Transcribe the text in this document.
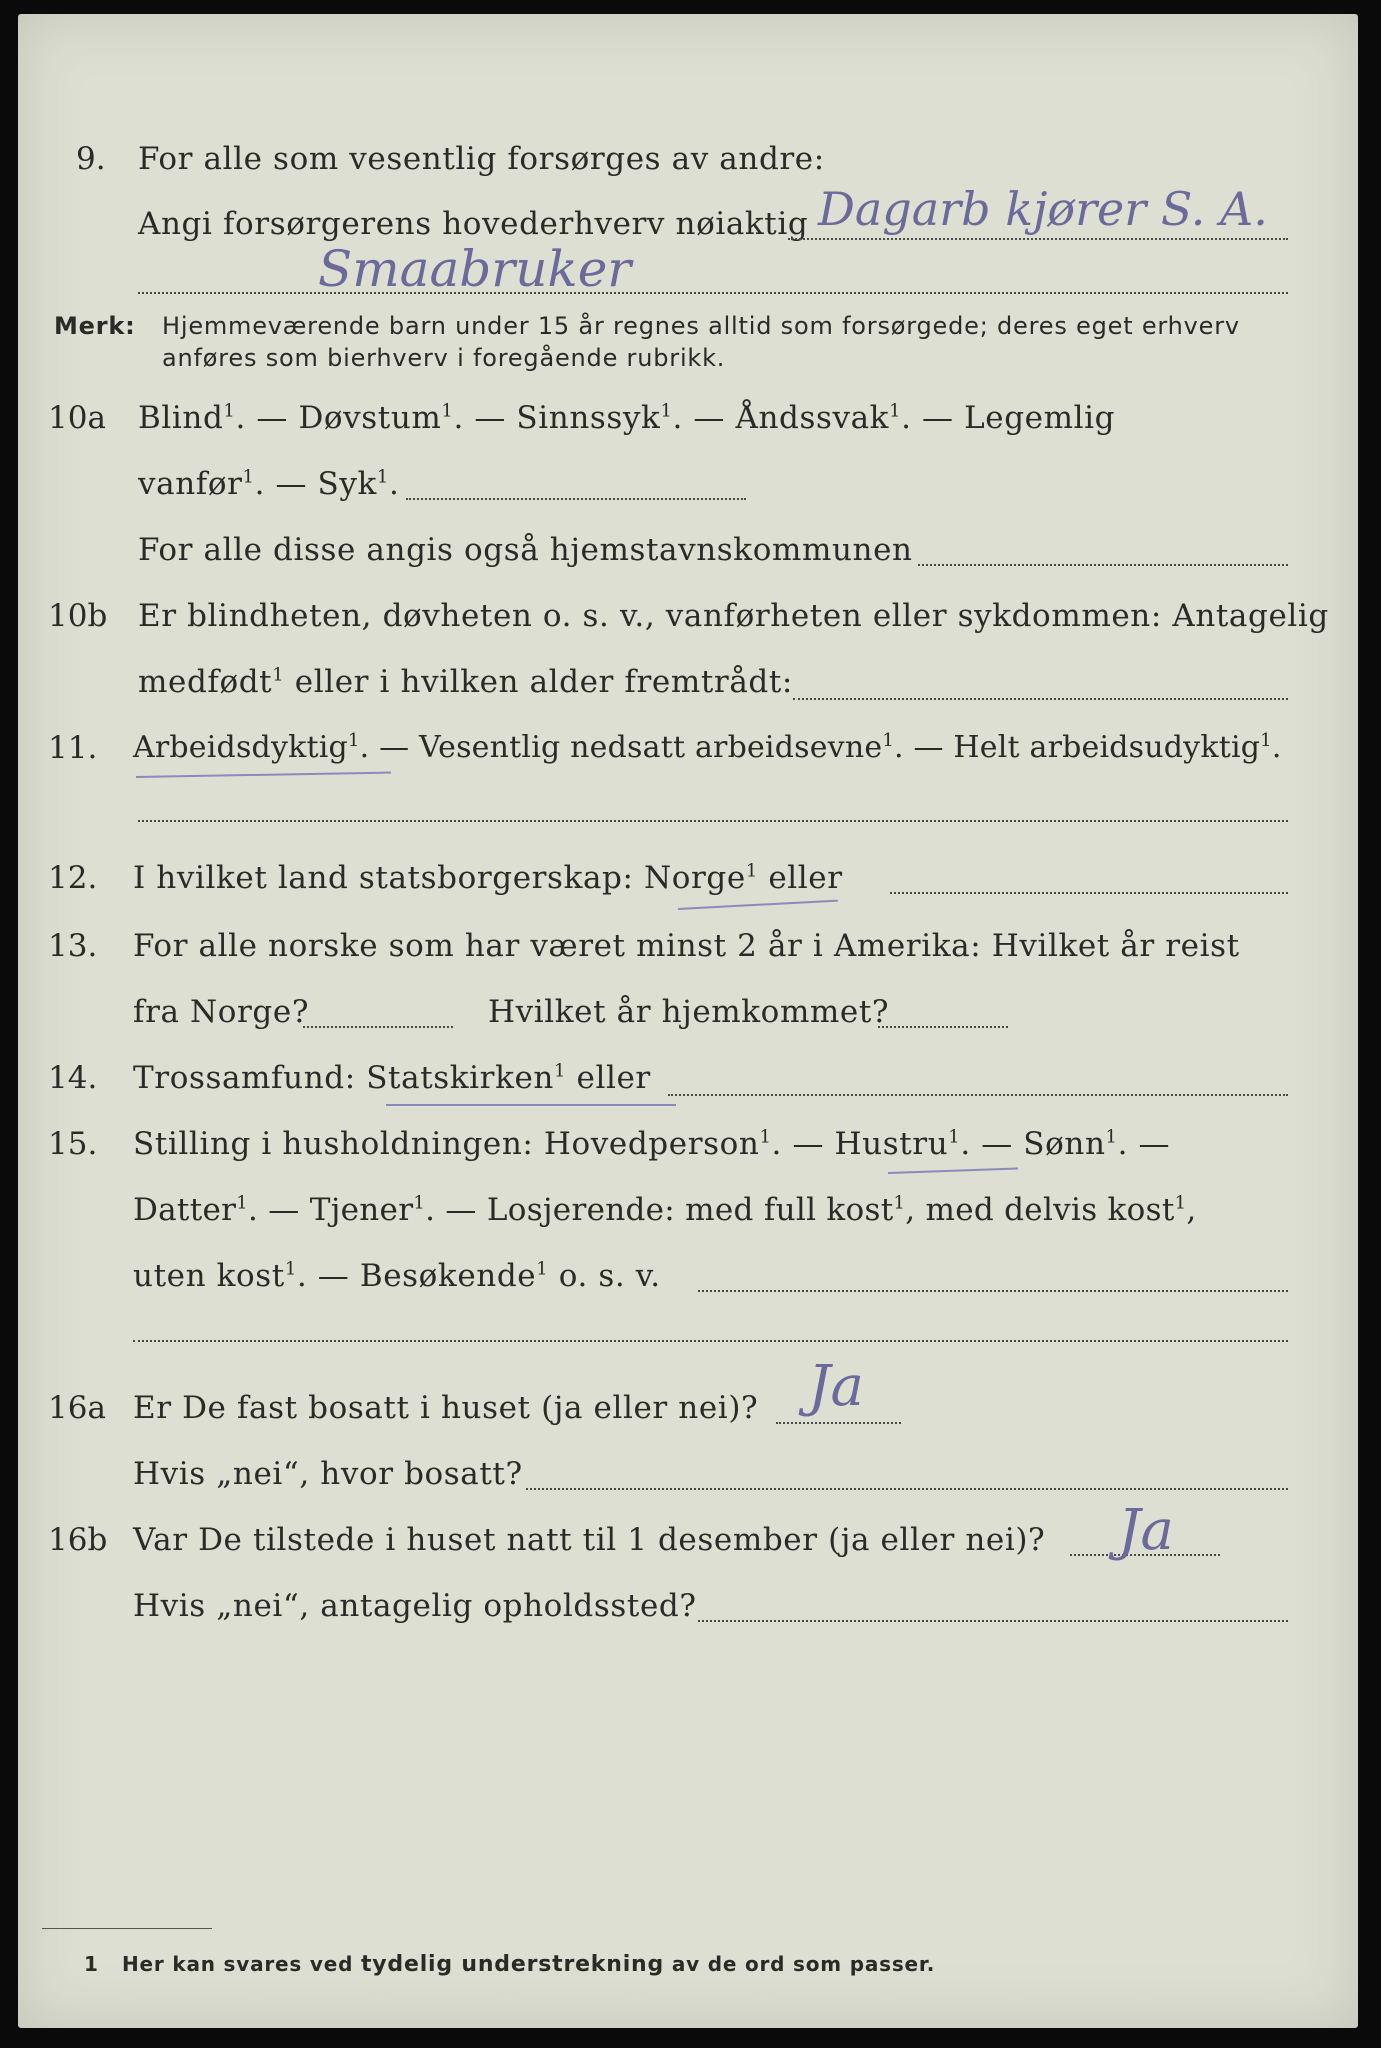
9. For alle som vesentlig forsørges av andre:
Angi forsørgerens hovederhverv nøiaktig Dagarb kjører S. A.
Smaabruker
Merk: Hjemmeværende barn under 15 år regnes alltid som forsørgede; deres eget erhverv
anføres som bierhverv i foregående rubrikk.
10a Blind$^1$. — Døvstum$^1$. — Sinnssyk$^1$. — Åndssvak$^1$. — Legemlig
vanfør$^1$. — Syk$^1$.
For alle disse angis også hjemstavnskommunen
10b Er blindheten, døvheten o. s. v., vanførheten eller sykdommen: Antagelig
medfødt$^1$ eller i hvilken alder fremtrådt:
11. Arbeidsdyktig$^1$. — Vesentlig nedsatt arbeidsevne$^1$. — Helt arbeidsudyktig$^1$.
12. I hvilket land statsborgerskap: Norge$^1$ eller
13. For alle norske som har været minst 2 år i Amerika: Hvilket år reist
fra Norge?	Hvilket år hjemkommet?
14. Trossamfund: Statskirken$^1$ eller
15. Stilling i husholdningen: Hovedperson$^1$. — Hustru$^1$. — Sønn$^1$. —
Datter$^1$. — Tjener$^1$. — Losjerende: med full kost$^1$, med delvis kost$^1$,
uten kost$^1$. — Besøkende$^1$ o. s. v.
16a Er De fast bosatt i huset (ja eller nei)? Ja
Hvis „nei“, hvor bosatt?
16b Var De tilstede i huset natt til 1 desember (ja eller nei)? Ja
Hvis „nei“, antagelig opholdssted?
1 Her kan svares ved tydelig understrekning av de ord som passer.
